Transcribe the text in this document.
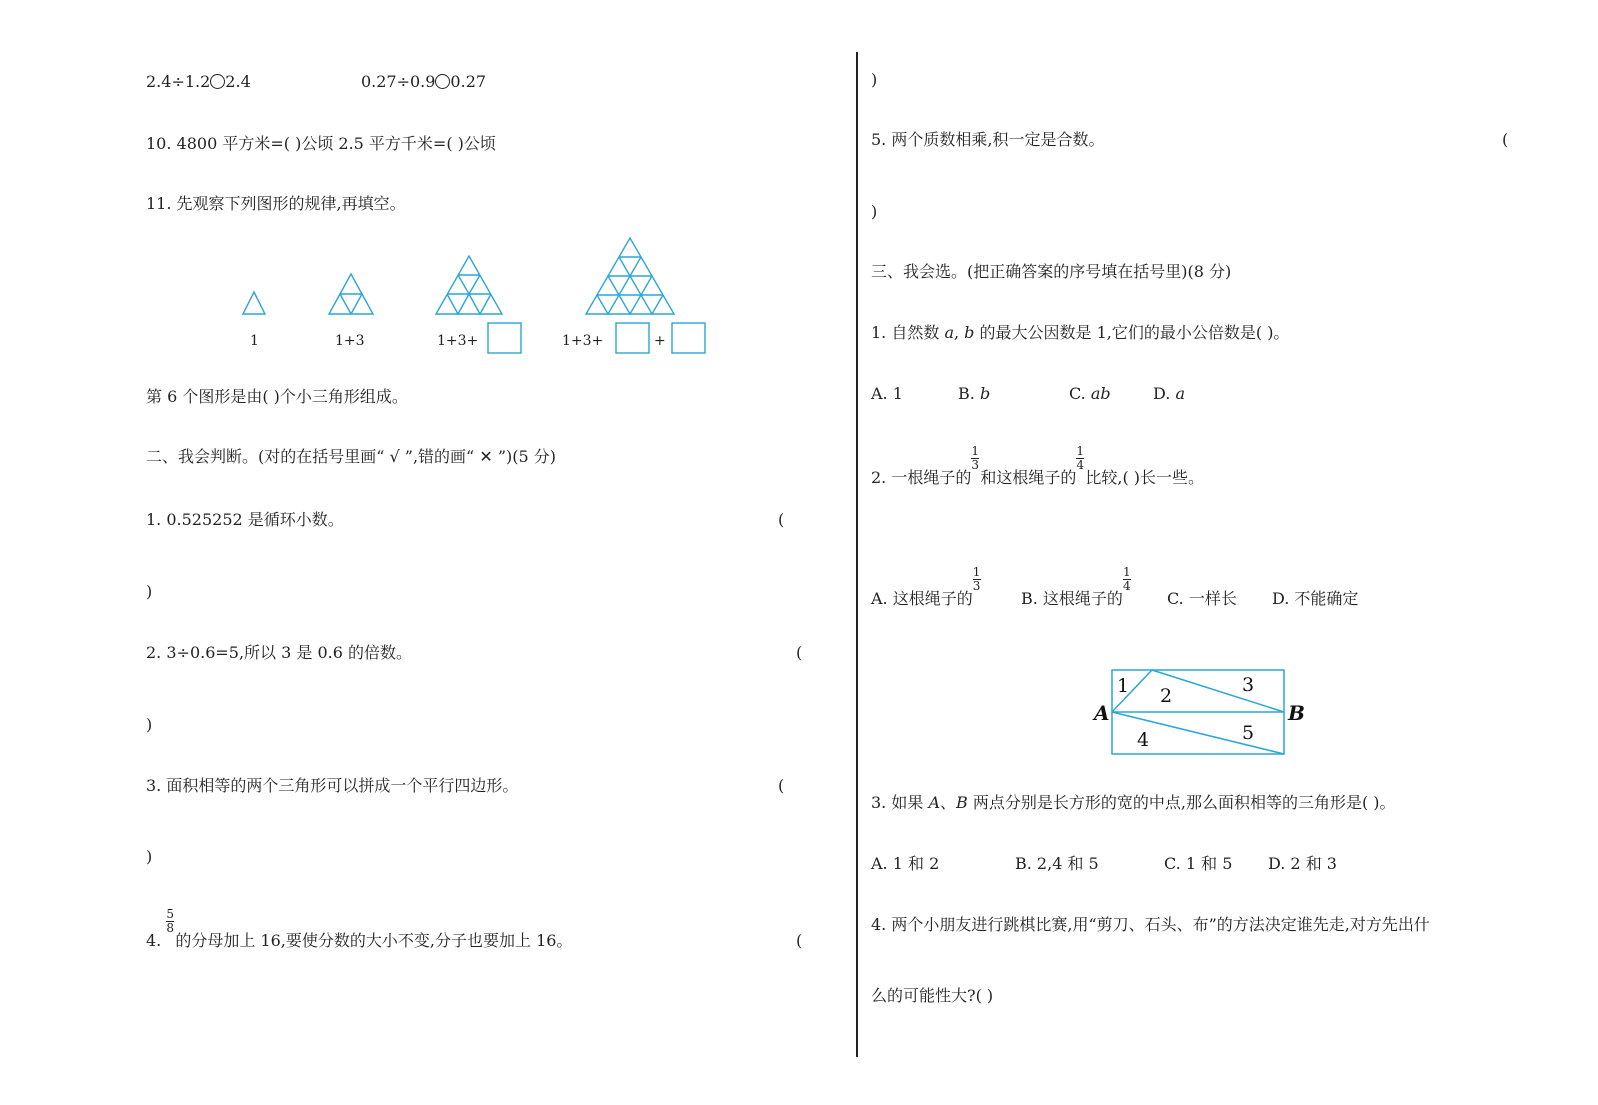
2.4÷1.2 2.4	0.27÷0.9 0.27
10. 4800 平方米=( )公顷 2.5 平方千米=( )公顷
11. 先观察下列图形的规律,再填空。
1	1+3	1+3+	1+3+	+
第 6 个图形是由( )个小三角形组成。
二、我会判断。(对的在括号里画“ √ ”,错的画“ ✕ ”)(5 分)
1. 0.525252 是循环小数。	(
)
2. 3÷0.6=5,所以 3 是 0.6 的倍数。	(
)
3. 面积相等的两个三角形可以拼成一个平行四边形。	(
)
4. $\frac{5}{8}$ 的分母加上 16,要使分数的大小不变,分子也要加上 16。	(
)
5. 两个质数相乘,积一定是合数。	(
)
三、我会选。(把正确答案的序号填在括号里)(8 分)
1. 自然数 a, b 的最大公因数是 1,它们的最小公倍数是( )。
A. 1	B. b	C. ab	D. a
2. 一根绳子的 $\frac{1}{3}$ 和这根绳子的 $\frac{1}{4}$ 比较,( )长一些。
A. 这根绳子的 $\frac{1}{3} B$. 这根绳子的 $\frac{1}{4} C$. 一样长 D. 不能确定
A	B
1 2	3
4	5
3. 如果 A、B 两点分别是长方形的宽的中点,那么面积相等的三角形是( )。
A. 1 和 2	B. 2,4 和 5	C. 1 和 5 D. 2 和 3
4. 两个小朋友进行跳棋比赛,用“剪刀、石头、布”的方法决定谁先走,对方先出什
么的可能性大?( )
